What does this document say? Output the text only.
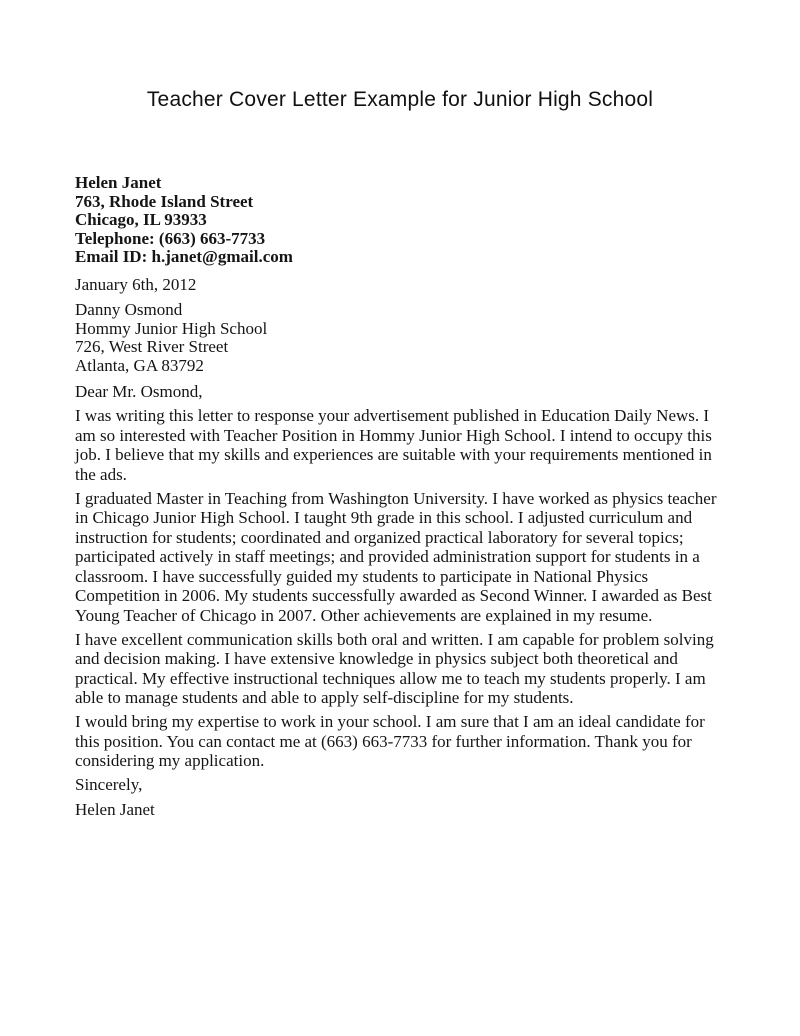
Teacher Cover Letter Example for Junior High School
Helen Janet
763, Rhode Island Street
Chicago, IL 93933
Telephone: (663) 663-7733
Email ID: h.janet@gmail.com
January 6th, 2012
Danny Osmond
Hommy Junior High School
726, West River Street
Atlanta, GA 83792
Dear Mr. Osmond,

I was writing this letter to response your advertisement published in Education Daily News. I am so interested with Teacher Position in Hommy Junior High School. I intend to occupy this job. I believe that my skills and experiences are suitable with your requirements mentioned in the ads.

I graduated Master in Teaching from Washington University. I have worked as physics teacher in Chicago Junior High School. I taught 9th grade in this school. I adjusted curriculum and instruction for students; coordinated and organized practical laboratory for several topics; participated actively in staff meetings; and provided administration support for students in a classroom. I have successfully guided my students to participate in National Physics Competition in 2006. My students successfully awarded as Second Winner. I awarded as Best Young Teacher of Chicago in 2007. Other achievements are explained in my resume.

I have excellent communication skills both oral and written. I am capable for problem solving and decision making. I have extensive knowledge in physics subject both theoretical and practical. My effective instructional techniques allow me to teach my students properly. I am able to manage students and able to apply self-discipline for my students.

I would bring my expertise to work in your school. I am sure that I am an ideal candidate for this position. You can contact me at (663) 663-7733 for further information. Thank you for considering my application.

Sincerely,
Helen Janet
